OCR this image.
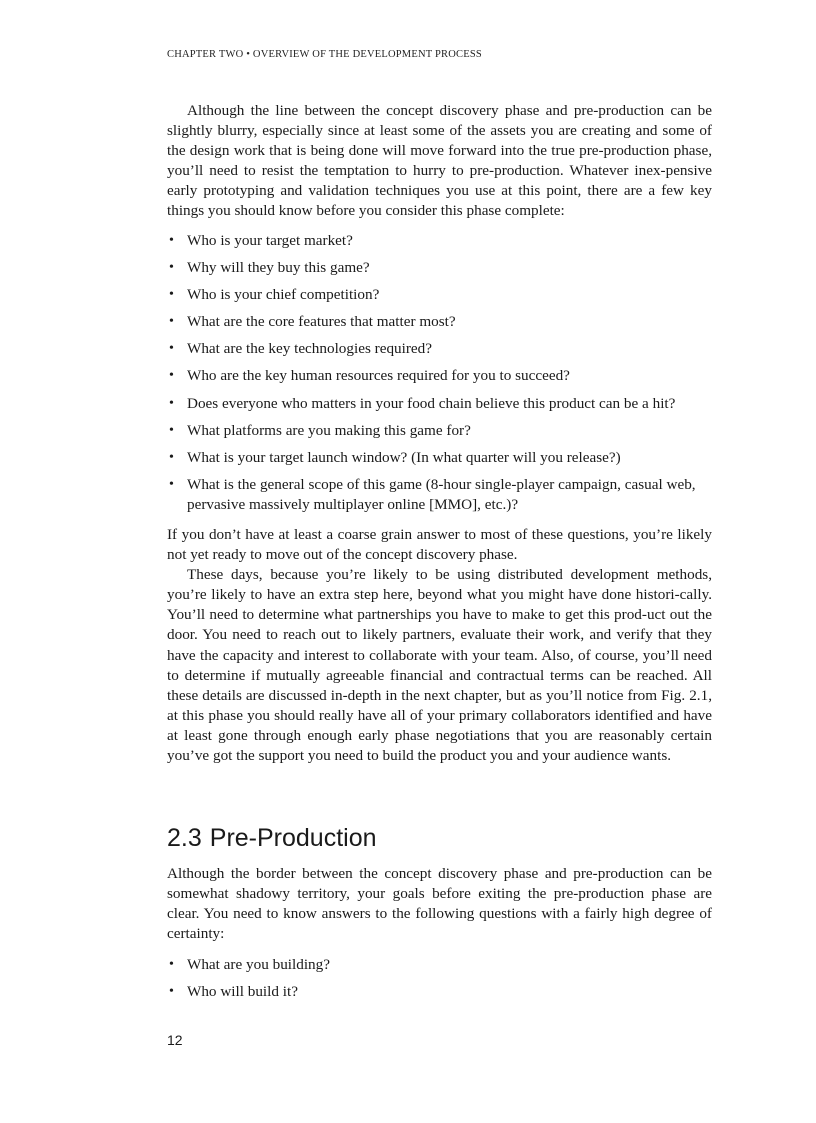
CHAPTER TWO • OVERVIEW OF THE DEVELOPMENT PROCESS

Although the line between the concept discovery phase and pre-production can be slightly blurry, especially since at least some of the assets you are creating and some of the design work that is being done will move forward into the true pre-production phase, you’ll need to resist the temptation to hurry to pre-production. Whatever inex-pensive early prototyping and validation techniques you use at this point, there are a few key things you should know before you consider this phase complete:

• Who is your target market?
• Why will they buy this game?
• Who is your chief competition?
• What are the core features that matter most?
• What are the key technologies required?
• Who are the key human resources required for you to succeed?
• Does everyone who matters in your food chain believe this product can be a hit?
• What platforms are you making this game for?
• What is your target launch window? (In what quarter will you release?)
• What is the general scope of this game (8-hour single-player campaign, casual web, pervasive massively multiplayer online [MMO], etc.)?

If you don’t have at least a coarse grain answer to most of these questions, you’re likely not yet ready to move out of the concept discovery phase.

These days, because you’re likely to be using distributed development methods, you’re likely to have an extra step here, beyond what you might have done histori-cally. You’ll need to determine what partnerships you have to make to get this prod-uct out the door. You need to reach out to likely partners, evaluate their work, and verify that they have the capacity and interest to collaborate with your team. Also, of course, you’ll need to determine if mutually agreeable financial and contractual terms can be reached. All these details are discussed in-depth in the next chapter, but as you’ll notice from Fig. 2.1, at this phase you should really have all of your primary collaborators identified and have at least gone through enough early phase negotiations that you are reasonably certain you’ve got the support you need to build the product you and your audience wants.

2.3 Pre-Production

Although the border between the concept discovery phase and pre-production can be somewhat shadowy territory, your goals before exiting the pre-production phase are clear. You need to know answers to the following questions with a fairly high degree of certainty:

• What are you building?
• Who will build it?
12
